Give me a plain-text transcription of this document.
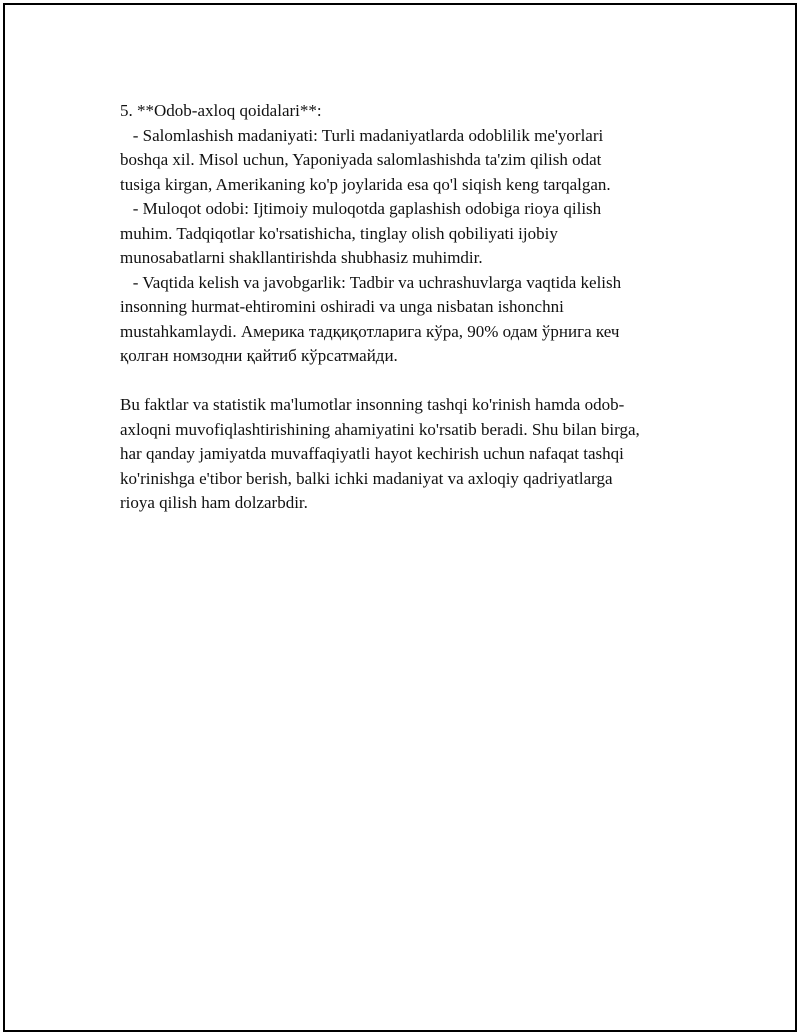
5. **Odob-axloq qoidalari**:
- Salomlashish madaniyati: Turli madaniyatlarda odoblilik me'yorlari
boshqa xil. Misol uchun, Yaponiyada salomlashishda ta'zim qilish odat
tusiga kirgan, Amerikaning ko'p joylarida esa qo'l siqish keng tarqalgan.
- Muloqot odobi: Ijtimoiy muloqotda gaplashish odobiga rioya qilish
muhim. Tadqiqotlar ko'rsatishicha, tinglay olish qobiliyati ijobiy
munosabatlarni shakllantirishda shubhasiz muhimdir.
- Vaqtida kelish va javobgarlik: Tadbir va uchrashuvlarga vaqtida kelish
insonning hurmat-ehtiromini oshiradi va unga nisbatan ishonchni
mustahkamlaydi. Америка тадқиқотларига кўра, 90% одам ўрнига кеч
қолган номзодни қайтиб кўрсатмайди.
Bu faktlar va statistik ma'lumotlar insonning tashqi ko'rinish hamda odob-
axloqni muvofiqlashtirishining ahamiyatini ko'rsatib beradi. Shu bilan birga,
har qanday jamiyatda muvaffaqiyatli hayot kechirish uchun nafaqat tashqi
ko'rinishga e'tibor berish, balki ichki madaniyat va axloqiy qadriyatlarga
rioya qilish ham dolzarbdir.
